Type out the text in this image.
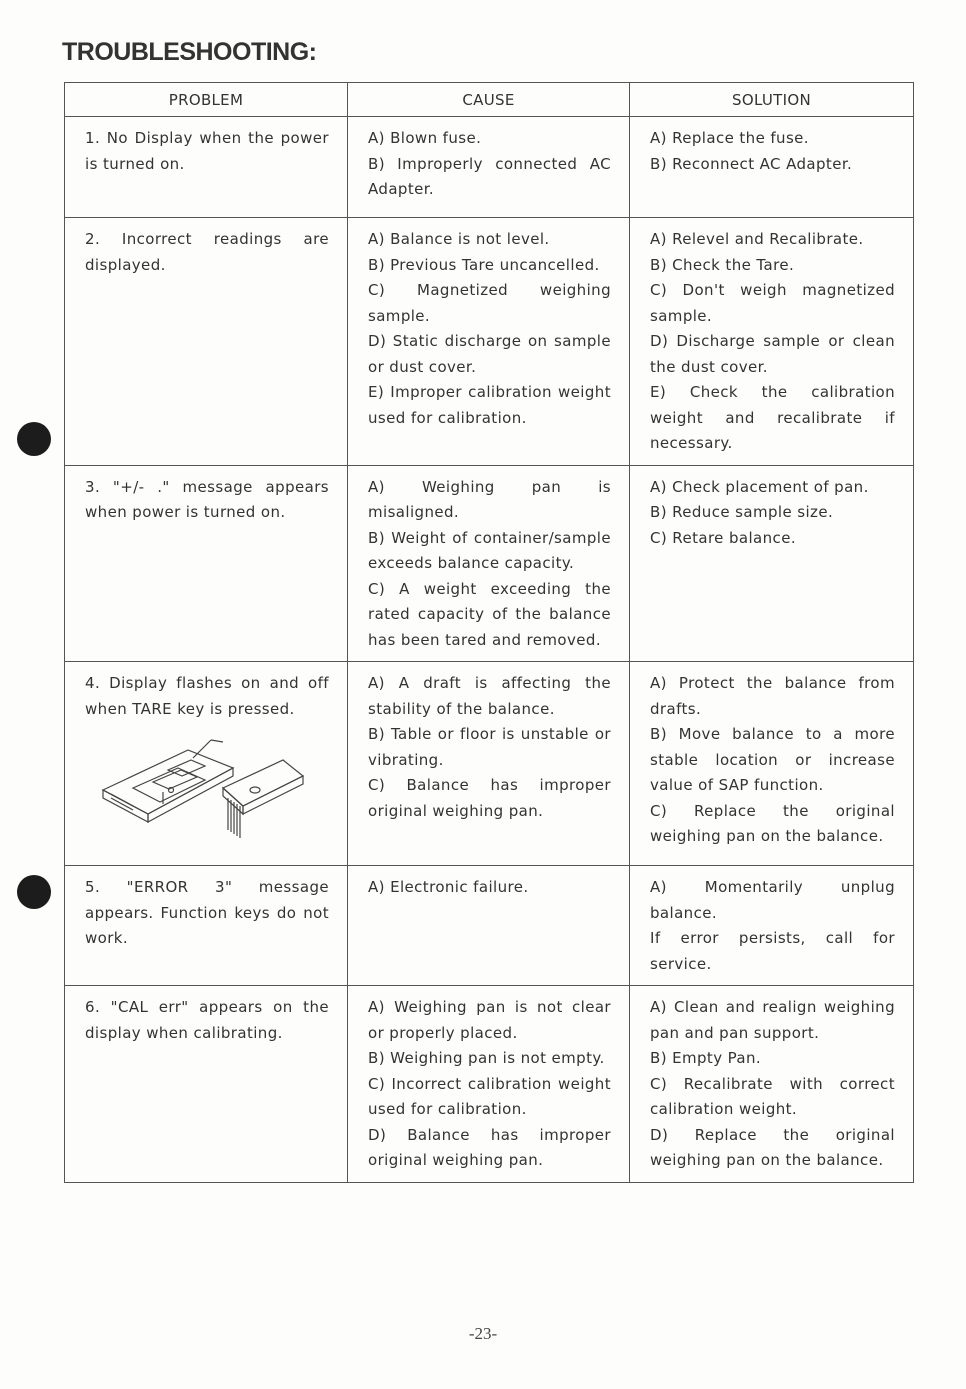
TROUBLESHOOTING:
PROBLEM	CAUSE	SOLUTION

1. No Display when the power is turned on.	A) Blown fuse.
B) Improperly connected AC Adapter.	A) Replace the fuse.
B) Reconnect AC Adapter.

2. Incorrect readings are displayed.	A) Balance is not level.
B) Previous Tare uncancelled.
C) Magnetized weighing sample.
D) Static discharge on sample or dust cover.
E) Improper calibration weight used for calibration.	A) Relevel and Recalibrate.
B) Check the Tare.
C) Don't weigh magnetized sample.
D) Discharge sample or clean the dust cover.
E) Check the calibration weight and recalibrate if necessary.

3. "+/- ." message appears when power is turned on.	A) Weighing pan is misaligned.
B) Weight of container/sample exceeds balance capacity.
C) A weight exceeding the rated capacity of the balance has been tared and removed.	A) Check placement of pan.
B) Reduce sample size.
C) Retare balance.

4. Display flashes on and off when TARE key is pressed.	A) A draft is affecting the stability of the balance.
B) Table or floor is unstable or vibrating.
C) Balance has improper original weighing pan.	A) Protect the balance from drafts.
B) Move balance to a more stable location or increase value of SAP function.
C) Replace the original weighing pan on the balance.

5. "ERROR 3" message appears. Function keys do not work.	A) Electronic failure.	A) Momentarily unplug balance.
If error persists, call for service.

6. "CAL err" appears on the display when calibrating.	A) Weighing pan is not clear or properly placed.
B) Weighing pan is not empty.
C) Incorrect calibration weight used for calibration.
D) Balance has improper original weighing pan.	A) Clean and realign weighing pan and pan support.
B) Empty Pan.
C) Recalibrate with correct calibration weight.
D) Replace the original weighing pan on the balance.
-23-
